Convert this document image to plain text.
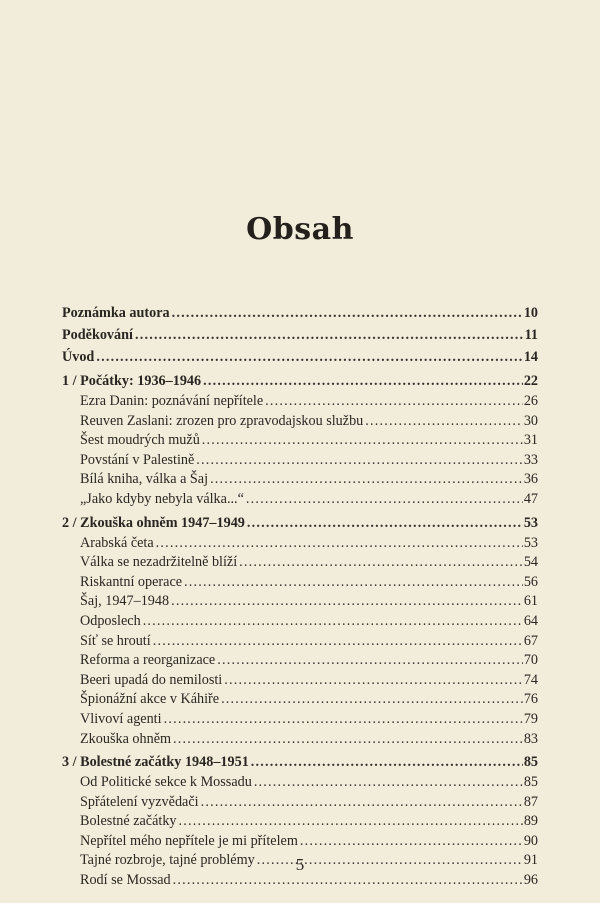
Obsah
Poznámka autora .....	10
Poděkování .....	11
Úvod .....	14
1 / Počátky: 1936–1946 .....	22
Ezra Danin: poznávání nepřítele .....	26
Reuven Zaslani: zrozen pro zpravodajskou službu .....	30
Šest moudrých mužů .....	31
Povstání v Palestině .....	33
Bílá kniha, válka a Šaj .....	36
„Jako kdyby nebyla válka...“ .....	47
2 / Zkouška ohněm 1947–1949 .....	53
Arabská četa .....	53
Válka se nezadržitelně blíží .....	54
Riskantní operace .....	56
Šaj, 1947–1948 .....	61
Odposlech .....	64
Síť se hroutí .....	67
Reforma a reorganizace .....	70
Beeri upadá do nemilosti .....	74
Špionážní akce v Káhiře .....	76
Vlivoví agenti .....	79
Zkouška ohněm .....	83
3 / Bolestné začátky 1948–1951 .....	85
Od Politické sekce k Mossadu .....	85
Spřátelení vyzvědači .....	87
Bolestné začátky .....	89
Nepřítel mého nepřítele je mi přítelem .....	90
Tajné rozbroje, tajné problémy .....	91
Rodí se Mossad .....	96
5
